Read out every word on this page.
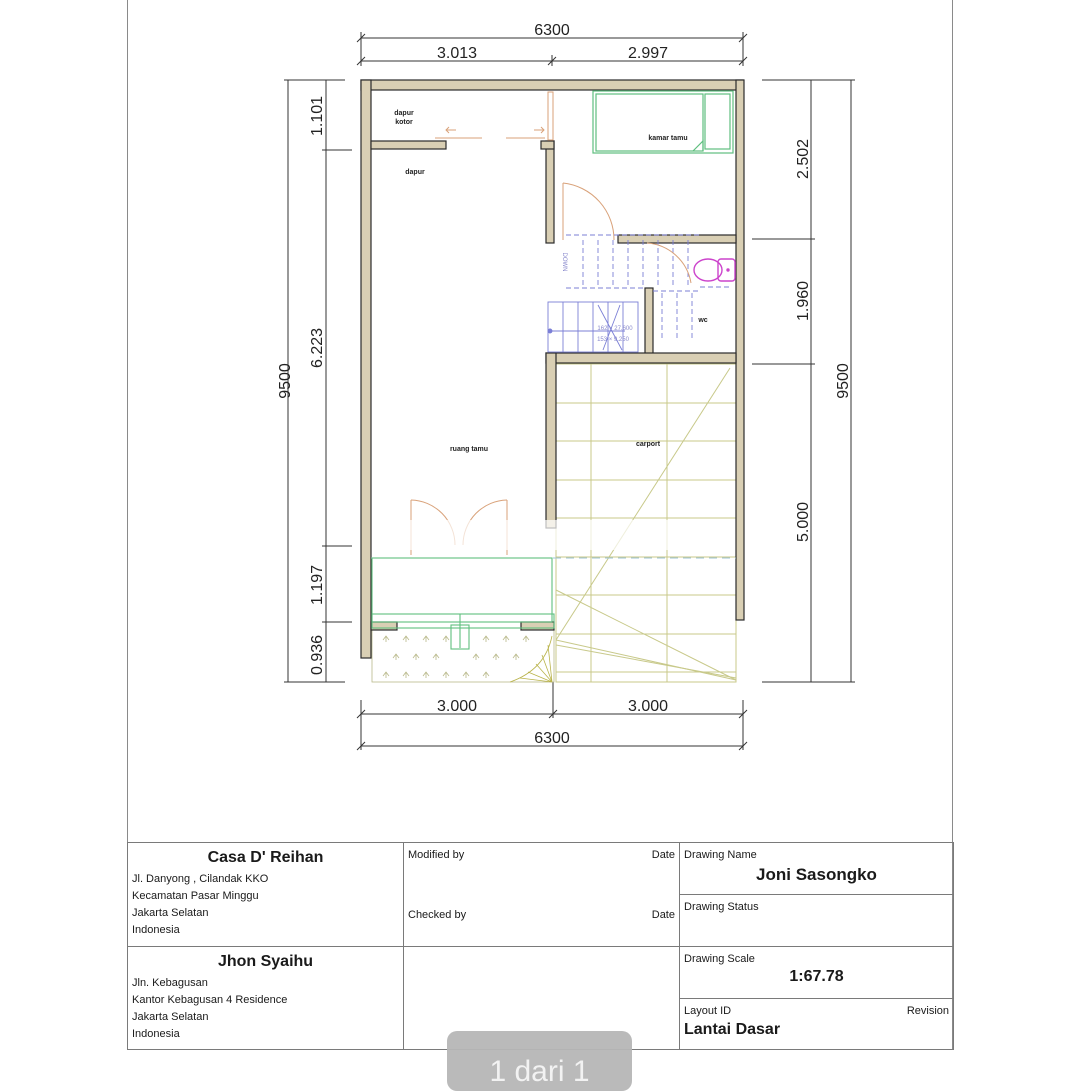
6300
3.013	2.997
3.000	3.000
6300
9500
1.101
6.223
1.197
0.936
2.502
1.960
5.000
9500
DOWN
162 × 27.600
153 × 9.250
dapur
kotor
dapur
kamar tamu
wc
ruang tamu
carport
Casa D' Reihan
Jl. Danyong , Cilandak KKO
Kecamatan Pasar Minggu
Jakarta Selatan
Indonesia
Jhon Syaihu
Jln. Kebagusan
Kantor Kebagusan 4 Residence
Jakarta Selatan
Indonesia
Modified by	Date
Checked by	Date
Drawing Name
Joni Sasongko
Drawing Status
Drawing Scale
1:67.78
Layout ID	Revision
Lantai Dasar
1 dari 1
